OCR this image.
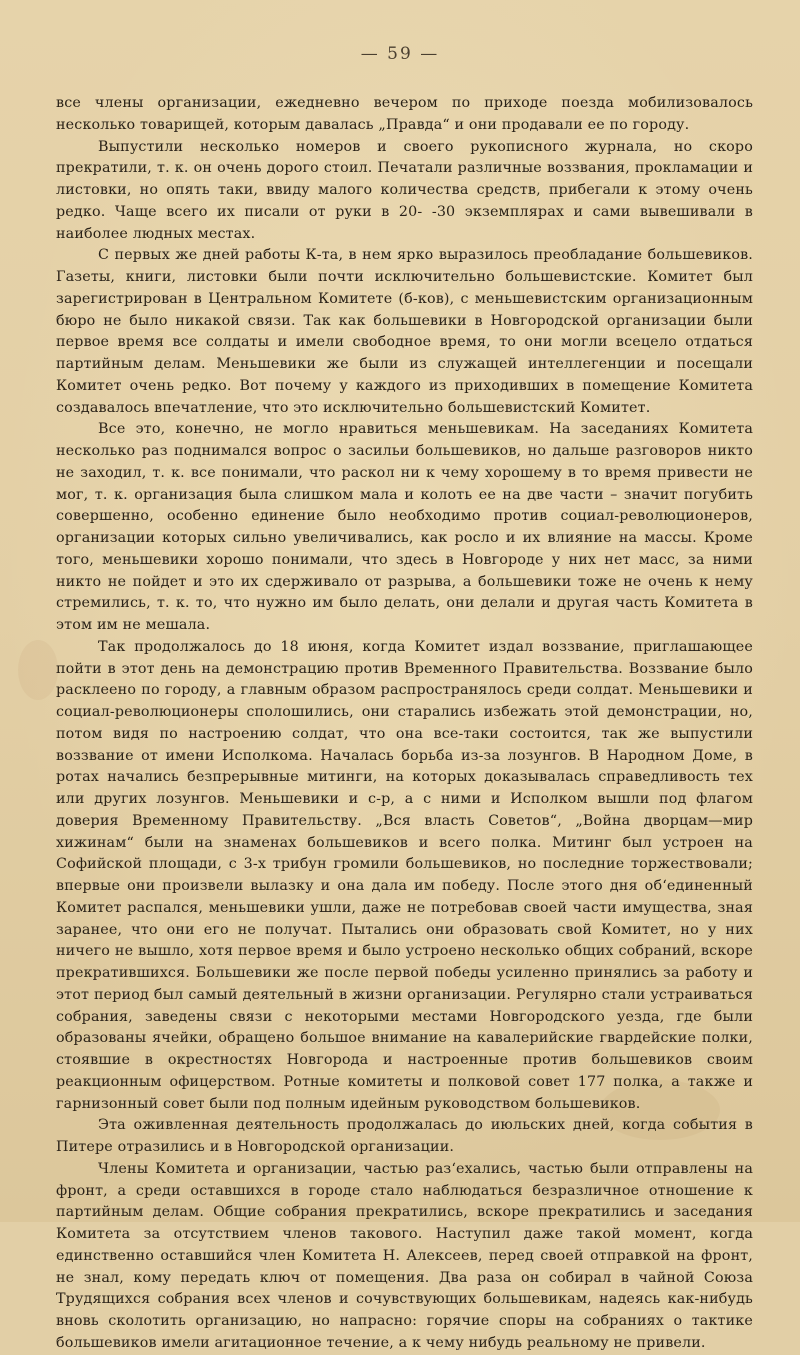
— 59 —

все члены организации, ежедневно вечером по приходе поезда мобилизовалось несколько товарищей, которым давалась „Правда“ и они продавали ее по городу.

Выпустили несколько номеров и своего рукописного журнала, но скоро прекратили, т. к. он очень дорого стоил. Печатали различные воззвания, прокламации и листовки, но опять таки, ввиду малого количества средств, прибегали к этому очень редко. Чаще всего их писали от руки в 20- -30 экземплярах и сами вывешивали в наиболее людных местах.

С первых же дней работы К-та, в нем ярко выразилось преобладание большевиков. Газеты, книги, листовки были почти исключительно большевистские. Комитет был зарегистрирован в Центральном Комитете (б-ков), с меньшевистским организационным бюро не было никакой связи. Так как большевики в Новгородской организации были первое время все солдаты и имели свободное время, то они могли всецело отдаться партийным делам. Меньшевики же были из служащей интеллегенции и посещали Комитет очень редко. Вот почему у каждого из приходивших в помещение Комитета создавалось впечатление, что это исключительно большевистский Комитет.

Все это, конечно, не могло нравиться меньшевикам. На заседаниях Комитета несколько раз поднимался вопрос о засильи большевиков, но дальше разговоров никто не заходил, т. к. все понимали, что раскол ни к чему хорошему в то время привести не мог, т. к. организация была слишком мала и колоть ее на две части – значит погубить совершенно, особенно единение было необходимо против социал-революционеров, организации которых сильно увеличивались, как росло и их влияние на массы. Кроме того, меньшевики хорошо понимали, что здесь в Новгороде у них нет масс, за ними никто не пойдет и это их сдерживало от разрыва, а большевики тоже не очень к нему стремились, т. к. то, что нужно им было делать, они делали и другая часть Комитета в этом им не мешала.

Так продолжалось до 18 июня, когда Комитет издал воззвание, приглашающее пойти в этот день на демонстрацию против Временного Правительства. Воззвание было расклеено по городу, а главным образом распространялось среди солдат. Меньшевики и социал-революционеры сполошились, они старались избежать этой демонстрации, но, потом видя по настроению солдат, что она все-таки состоится, так же выпустили воззвание от имени Исполкома. Началась борьба из-за лозунгов. В Народном Доме, в ротах начались безпрерывные митинги, на которых доказывалась справедливость тех или других лозунгов. Меньшевики и с-р, а с ними и Исполком вышли под флагом доверия Временному Правительству. „Вся власть Советов“, „Война дворцам—мир хижинам“ были на знаменах большевиков и всего полка. Митинг был устроен на Софийской площади, с 3-х трибун громили большевиков, но последние торжествовали; впервые они произвели вылазку и она дала им победу. После этого дня об‘единенный Комитет распался, меньшевики ушли, даже не потребовав своей части имущества, зная заранее, что они его не получат. Пытались они образовать свой Комитет, но у них ничего не вышло, хотя первое время и было устроено несколько общих собраний, вскоре прекратившихся. Большевики же после первой победы усиленно принялись за работу и этот период был самый деятельный в жизни организации. Регулярно стали устраиваться собрания, заведены связи с некоторыми местами Новгородского уезда, где были образованы ячейки, обращено большое внимание на кавалерийские гвардейские полки, стоявшие в окрестностях Новгорода и настроенные против большевиков своим реакционным офицерством. Ротные комитеты и полковой совет 177 полка, а также и гарнизонный совет были под полным идейным руководством большевиков.

Эта оживленная деятельность продолжалась до июльских дней, когда события в Питере отразились и в Новгородской организации.

Члены Комитета и организации, частью раз‘ехались, частью были отправлены на фронт, а среди оставшихся в городе стало наблюдаться безразличное отношение к партийным делам. Общие собрания прекратились, вскоре прекратились и заседания Комитета за отсутствием членов такового. Наступил даже такой момент, когда единственно оставшийся член Комитета Н. Алексеев, перед своей отправкой на фронт, не знал, кому передать ключ от помещения. Два раза он собирал в чайной Союза Трудящихся собрания всех членов и сочувствующих большевикам, надеясь как-нибудь вновь сколотить организацию, но напрасно: горячие споры на собраниях о тактике большевиков имели агитационное течение, а к чему нибудь реальному не привели.
